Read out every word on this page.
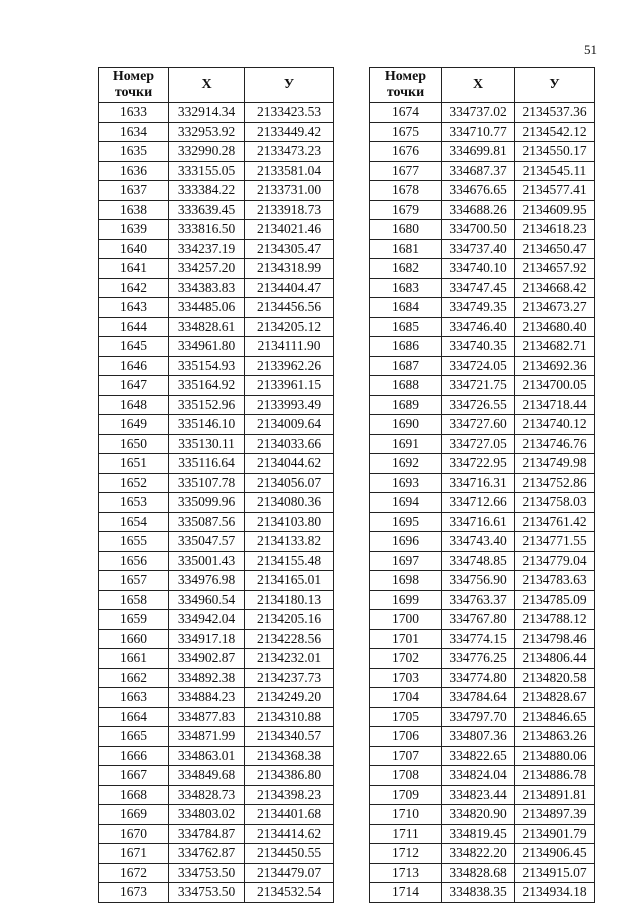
51
Номер
точки	Х	У
1633	332914.34	2133423.53
1634	332953.92	2133449.42
1635	332990.28	2133473.23
1636	333155.05	2133581.04
1637	333384.22	2133731.00
1638	333639.45	2133918.73
1639	333816.50	2134021.46
1640	334237.19	2134305.47
1641	334257.20	2134318.99
1642	334383.83	2134404.47
1643	334485.06	2134456.56
1644	334828.61	2134205.12
1645	334961.80	2134111.90
1646	335154.93	2133962.26
1647	335164.92	2133961.15
1648	335152.96	2133993.49
1649	335146.10	2134009.64
1650	335130.11	2134033.66
1651	335116.64	2134044.62
1652	335107.78	2134056.07
1653	335099.96	2134080.36
1654	335087.56	2134103.80
1655	335047.57	2134133.82
1656	335001.43	2134155.48
1657	334976.98	2134165.01
1658	334960.54	2134180.13
1659	334942.04	2134205.16
1660	334917.18	2134228.56
1661	334902.87	2134232.01
1662	334892.38	2134237.73
1663	334884.23	2134249.20
1664	334877.83	2134310.88
1665	334871.99	2134340.57
1666	334863.01	2134368.38
1667	334849.68	2134386.80
1668	334828.73	2134398.23
1669	334803.02	2134401.68
1670	334784.87	2134414.62
1671	334762.87	2134450.55
1672	334753.50	2134479.07
1673	334753.50	2134532.54
Номер
точки	Х	У
1674	334737.02	2134537.36
1675	334710.77	2134542.12
1676	334699.81	2134550.17
1677	334687.37	2134545.11
1678	334676.65	2134577.41
1679	334688.26	2134609.95
1680	334700.50	2134618.23
1681	334737.40	2134650.47
1682	334740.10	2134657.92
1683	334747.45	2134668.42
1684	334749.35	2134673.27
1685	334746.40	2134680.40
1686	334740.35	2134682.71
1687	334724.05	2134692.36
1688	334721.75	2134700.05
1689	334726.55	2134718.44
1690	334727.60	2134740.12
1691	334727.05	2134746.76
1692	334722.95	2134749.98
1693	334716.31	2134752.86
1694	334712.66	2134758.03
1695	334716.61	2134761.42
1696	334743.40	2134771.55
1697	334748.85	2134779.04
1698	334756.90	2134783.63
1699	334763.37	2134785.09
1700	334767.80	2134788.12
1701	334774.15	2134798.46
1702	334776.25	2134806.44
1703	334774.80	2134820.58
1704	334784.64	2134828.67
1705	334797.70	2134846.65
1706	334807.36	2134863.26
1707	334822.65	2134880.06
1708	334824.04	2134886.78
1709	334823.44	2134891.81
1710	334820.90	2134897.39
1711	334819.45	2134901.79
1712	334822.20	2134906.45
1713	334828.68	2134915.07
1714	334838.35	2134934.18
